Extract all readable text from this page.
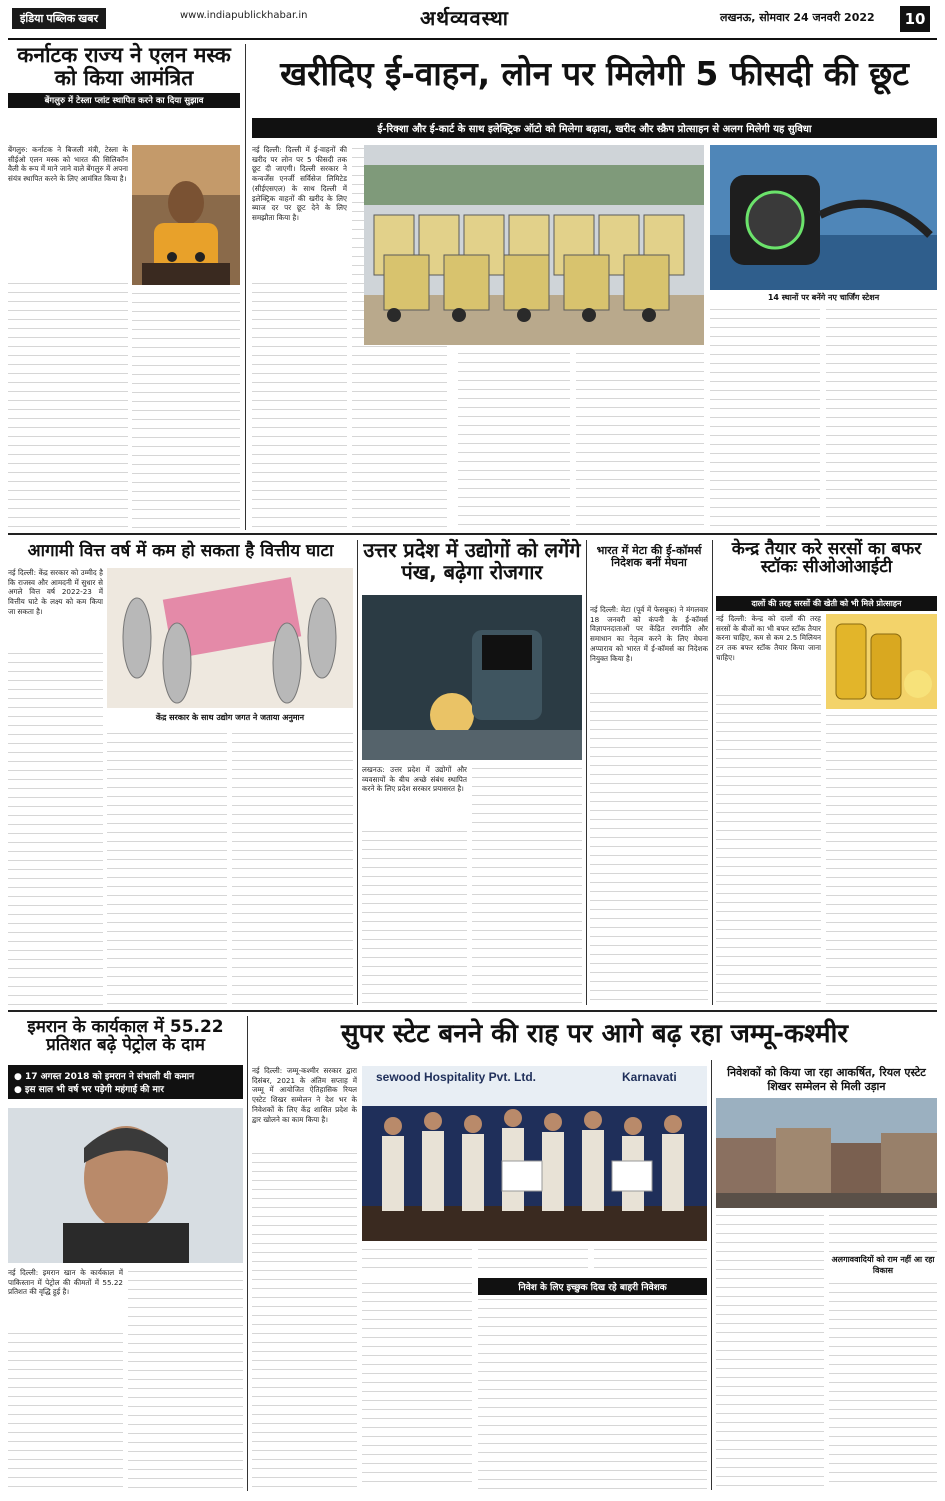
इंडिया पब्लिक खबर	www.indiapublickhabar.in	अर्थव्यवस्था	लखनऊ, सोमवार 24 जनवरी 2022	10
कर्नाटक राज्य ने एलन मस्क को किया आमंत्रित
बेंगलुरु में टेस्ला प्लांट स्थापित करने का दिया सुझाव
बेंगलुरु: कर्नाटक ने बिजली मंत्री, टेस्ला के सीईओ एलन मस्क को भारत की सिलिकॉन वैली के रूप में माने जाने वाले बेंगलुरु में अपना संयंत्र स्थापित करने के लिए आमंत्रित किया है।
खरीदिए ई-वाहन, लोन पर मिलेगी 5 फीसदी की छूट
ई-रिक्शा और ई-कार्ट के साथ इलेक्ट्रिक ऑटो को मिलेगा बढ़ावा, खरीद और स्क्रैप प्रोत्साहन से अलग मिलेगी यह सुविधा
नई दिल्ली: दिल्ली में ई-वाहनों की खरीद पर लोन पर 5 फीसदी तक छूट दी जाएगी। दिल्ली सरकार ने कन्वर्जेंस एनर्जी सर्विसेज लिमिटेड (सीईएसएल) के साथ दिल्ली में इलेक्ट्रिक वाहनों की खरीद के लिए ब्याज दर पर छूट देने के लिए समझौता किया है।
14 स्थानों पर बनेंगे नए चार्जिंग स्टेशन
आगामी वित्त वर्ष में कम हो सकता है वित्तीय घाटा
नई दिल्ली: केंद्र सरकार को उम्मीद है कि राजस्व और आमदनी में सुधार से अगले वित्त वर्ष 2022-23 में वित्तीय घाटे के लक्ष्य को कम किया जा सकता है।
केंद्र सरकार के साथ उद्योग जगत ने जताया अनुमान
उत्तर प्रदेश में उद्योगों को लगेंगे पंख, बढ़ेगा रोजगार
लखनऊ: उत्तर प्रदेश में उद्योगों और व्यवसायों के बीच अच्छे संबंध स्थापित करने के लिए प्रदेश सरकार प्रयासरत है।
भारत में मेटा की ई-कॉमर्स निदेशक बनीं मेघना
नई दिल्ली: मेटा (पूर्व में फेसबुक) ने मंगलवार 18 जनवरी को कंपनी के ई-कॉमर्स विज्ञापनदाताओं पर केंद्रित रणनीति और समाधान का नेतृत्व करने के लिए मेघना अप्पाराव को भारत में ई-कॉमर्स का निदेशक नियुक्त किया है।
केन्द्र तैयार करे सरसों का बफर स्टॉकः सीओओआईटी
दालों की तरह सरसों की खेती को भी मिले प्रोत्साहन
नई दिल्ली: केन्द्र को दालों की तरह सरसों के बीजों का भी बफर स्टॉक तैयार करना चाहिए, कम से कम 2.5 मिलियन टन तक बफर स्टॉक तैयार किया जाना चाहिए।
इमरान के कार्यकाल में 55.22 प्रतिशत बढ़े पेट्रोल के दाम
● 17 अगस्त 2018 को इमरान ने संभाली थी कमान
● इस साल भी वर्ष भर पड़ेगी महंगाई की मार
नई दिल्ली: इमरान खान के कार्यकाल में पाकिस्तान में पेट्रोल की कीमतों में 55.22 प्रतिशत की वृद्धि हुई है।
सुपर स्टेट बनने की राह पर आगे बढ़ रहा जम्मू-कश्मीर
नई दिल्ली: जम्मू-कश्मीर सरकार द्वारा दिसंबर, 2021 के अंतिम सप्ताह में जम्मू में आयोजित ऐतिहासिक रियल एस्टेट शिखर सम्मेलन ने देश भर के निवेशकों के लिए केंद्र शासित प्रदेश के द्वार खोलने का काम किया है।
sewood Hospitality Pvt. Ltd.	Karnavati
निवेश के लिए इच्छुक दिख रहे बाहरी निवेशक
निवेशकों को किया जा रहा आकर्षित, रियल एस्टेट शिखर सम्मेलन से मिली उड़ान
अलगाववादियों को राम नहीं आ रहा विकास
